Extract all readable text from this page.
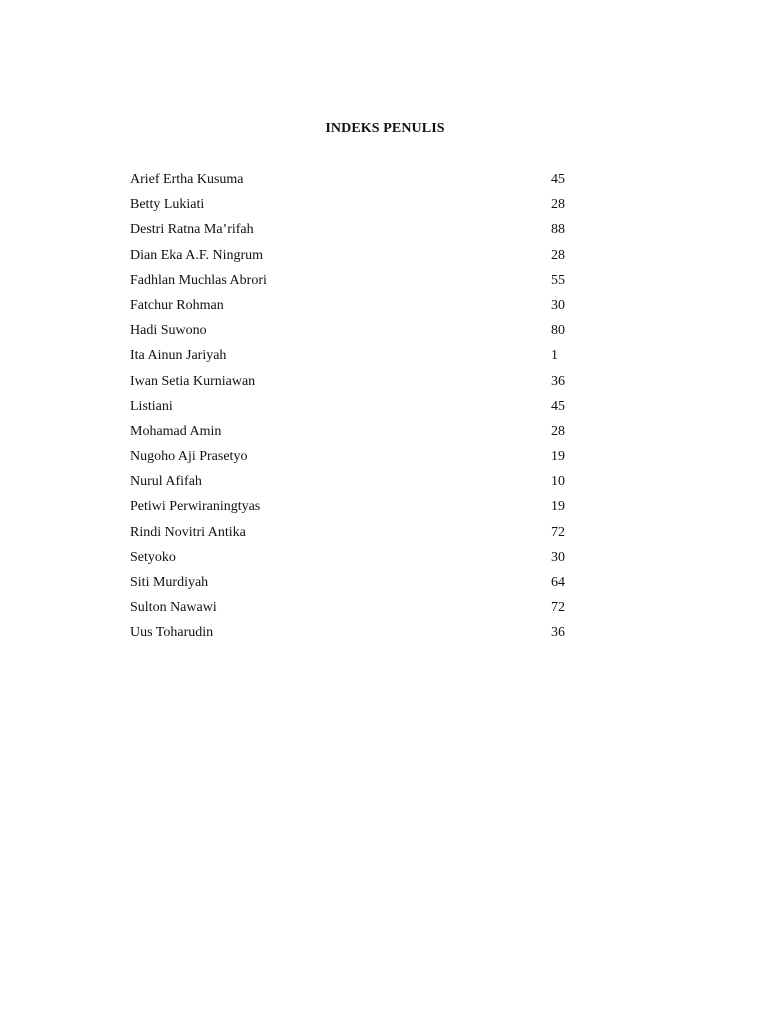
INDEKS PENULIS
Arief Ertha Kusuma	45
Betty Lukiati	28
Destri Ratna Ma’rifah	88
Dian Eka A.F. Ningrum	28
Fadhlan Muchlas Abrori	55
Fatchur Rohman	30
Hadi Suwono	80
Ita Ainun Jariyah	1
Iwan Setia Kurniawan	36
Listiani	45
Mohamad Amin	28
Nugoho Aji Prasetyo	19
Nurul Afifah	10
Petiwi Perwiraningtyas	19
Rindi Novitri Antika	72
Setyoko	30
Siti Murdiyah	64
Sulton Nawawi	72
Uus Toharudin	36
